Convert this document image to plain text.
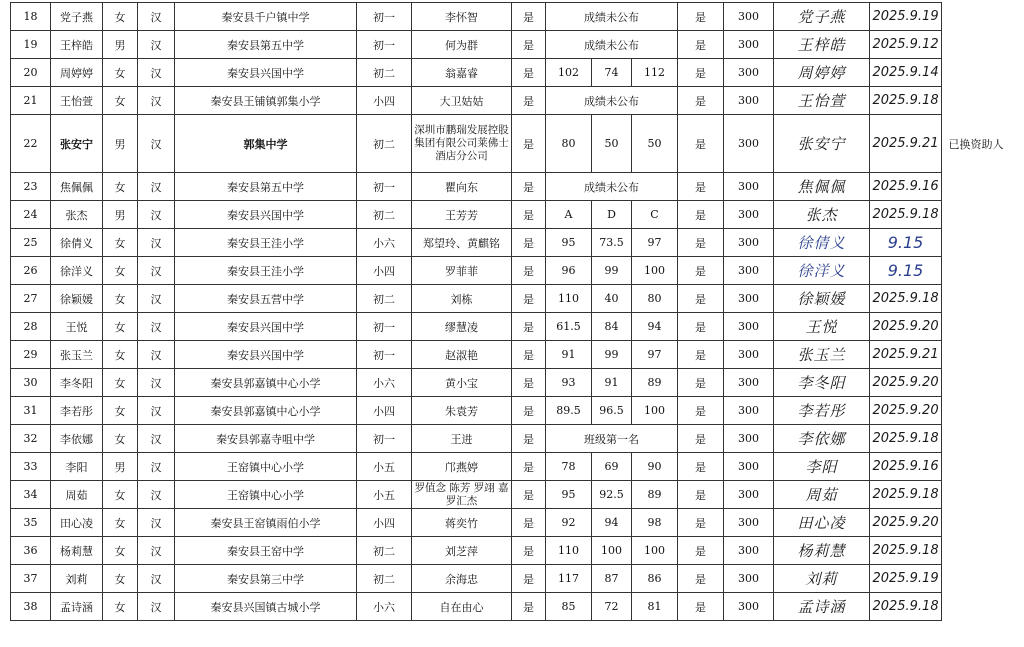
18	党子燕	女	汉	秦安县千户镇中学	初一	李怀智	是	成绩未公布			是	300	党子燕	2025.9.19	
19	王梓皓	男	汉	秦安县第五中学	初一	何为群	是	成绩未公布			是	300	王梓皓	2025.9.12	
20	周婷婷	女	汉	秦安县兴国中学	初二	翁嘉睿	是	102	74	112	是	300	周婷婷	2025.9.14	
21	王怡萱	女	汉	秦安县王铺镇郭集小学	小四	大卫姑姑	是	成绩未公布			是	300	王怡萱	2025.9.18	
22	张安宁	男	汉	郭集中学	初二	深圳市鹏瑞发展控股集团有限公司莱佛士酒店分公司	是	80	50	50	是	300	张安宁	2025.9.21	已换资助人
23	焦佩佩	女	汉	秦安县第五中学	初一	瞿向东	是	成绩未公布			是	300	焦佩佩	2025.9.16	
24	张杰	男	汉	秦安县兴国中学	初二	王芳芳	是	A	D	C	是	300	张杰	2025.9.18	
25	徐倩义	女	汉	秦安县王洼小学	小六	郑望玲、黄麒铭	是	95	73.5	97	是	300	徐倩义	9.15	
26	徐洋义	女	汉	秦安县王洼小学	小四	罗菲菲	是	96	99	100	是	300	徐洋义	9.15	
27	徐颖媛	女	汉	秦安县五营中学	初二	刘栋	是	110	40	80	是	300	徐颖媛	2025.9.18	
28	王悦	女	汉	秦安县兴国中学	初一	缪慧凌	是	61.5	84	94	是	300	王悦	2025.9.20	
29	张玉兰	女	汉	秦安县兴国中学	初一	赵淑艳	是	91	99	97	是	300	张玉兰	2025.9.21	
30	李冬阳	女	汉	秦安县郭嘉镇中心小学	小六	黄小宝	是	93	91	89	是	300	李冬阳	2025.9.20	
31	李若彤	女	汉	秦安县郭嘉镇中心小学	小四	朱袁芳	是	89.5	96.5	100	是	300	李若彤	2025.9.20	
32	李依娜	女	汉	秦安县郭嘉寺咀中学	初一	王进	是	班级第一名			是	300	李依娜	2025.9.18	
33	李阳	男	汉	王窑镇中心小学	小五	邝燕婷	是	78	69	90	是	300	李阳	2025.9.16	
34	周茹	女	汉	王窑镇中心小学	小五	罗值念 陈芳 罗翊 嘉 罗汇杰	是	95	92.5	89	是	300	周茹	2025.9.18	
35	田心凌	女	汉	秦安县王窑镇雨伯小学	小四	蒋奕竹	是	92	94	98	是	300	田心凌	2025.9.20	
36	杨莉慧	女	汉	秦安县王窑中学	初二	刘芝萍	是	110	100	100	是	300	杨莉慧	2025.9.18	
37	刘莉	女	汉	秦安县第三中学	初二	余海忠	是	117	87	86	是	300	刘莉	2025.9.19	
38	孟诗涵	女	汉	秦安县兴国镇古城小学	小六	自在由心	是	85	72	81	是	300	孟诗涵	2025.9.18	
